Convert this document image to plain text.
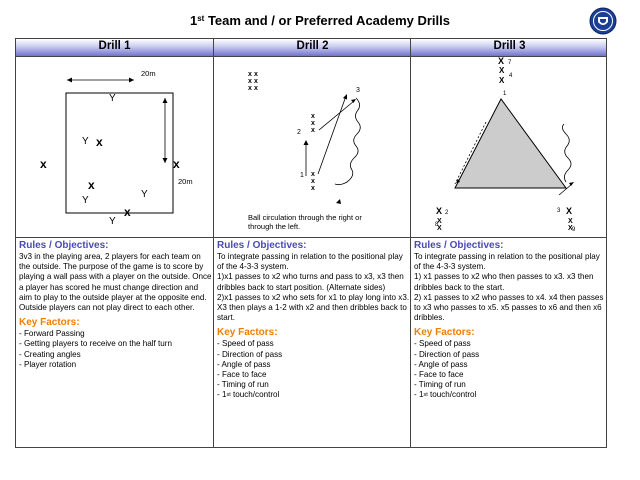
1st Team and / or Preferred Academy Drills
Drill 1	Drill 2	Drill 3
20m
20m
Y
Y
Y
Y
x
x	x
x
x
Y
x x
x x
x x
x
x
x
x
x
x
3
2
1
Ball circulation through the right or through the left.
X
X
X
X
X
X
X
X
X
7
4
1
2	3
8
9
Rules / Objectives:
3v3 in the playing area, 2 players for each team on the outside. The purpose of the game is to score by playing a wall pass with a player on the outside. Once a player has scored he must change direction and aim to play to the outside player at the opposite end. Outside players can not play direct to each other.
Key Factors:
- Forward Passing
- Getting players to receive on the half turn
- Creating angles
- Player rotation
Rules / Objectives:
To integrate passing in relation to the positional play of the 4-3-3 system.
1)x1 passes to x2 who turns and pass to x3, x3 then dribbles back to start position. (Alternate sides)
2)x1 passes to x2 who sets for x1 to play long into x3. X3 then plays a 1-2 with x2 and then dribbles back to start.
Key Factors:
- Speed of pass
- Direction of pass
- Angle of pass
- Face to face
- Timing of run
- 1st touch/control
Rules / Objectives:
To integrate passing in relation to the positional play of the 4-3-3 system.
1) x1 passes to x2 who then passes to x3. x3 then dribbles back to the start.
2) x1 passes to x2 who passes to x4. x4 then passes to x3 who passes to x5. x5 passes to x6 and then x6 dribbles.
Key Factors:
- Speed of pass
- Direction of pass
- Angle of pass
- Face to face
- Timing of run
- 1st touch/control
